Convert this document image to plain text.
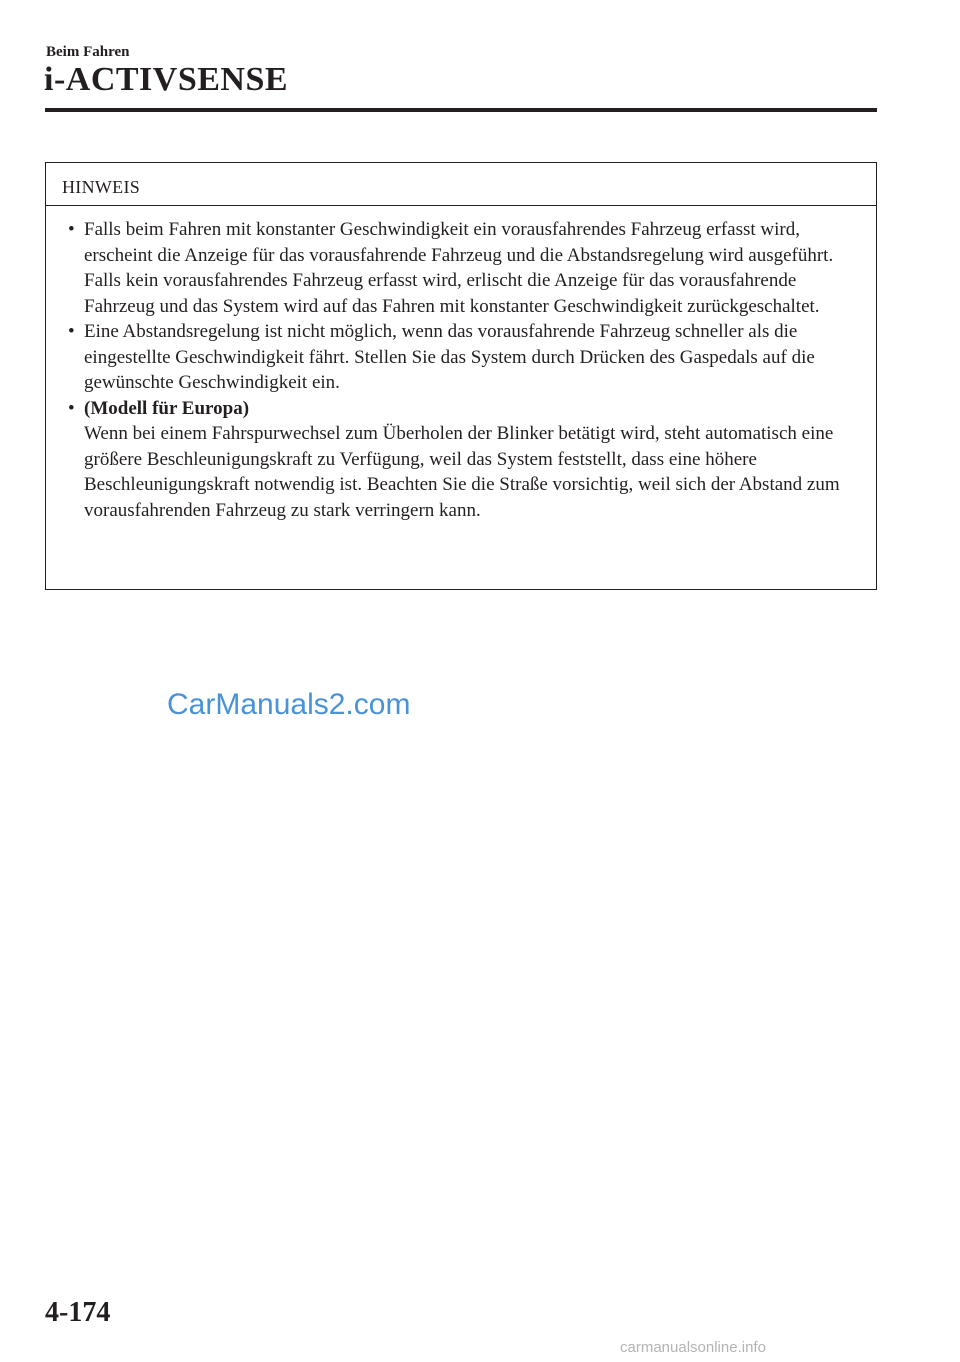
Beim Fahren
i-ACTIVSENSE
HINWEIS
• Falls beim Fahren mit konstanter Geschwindigkeit ein vorausfahrendes Fahrzeug erfasst wird, erscheint die Anzeige für das vorausfahrende Fahrzeug und die Abstandsregelung wird ausgeführt. Falls kein vorausfahrendes Fahrzeug erfasst wird, erlischt die Anzeige für das vorausfahrende Fahrzeug und das System wird auf das Fahren mit konstanter Geschwindigkeit zurückgeschaltet.
• Eine Abstandsregelung ist nicht möglich, wenn das vorausfahrende Fahrzeug schneller als die eingestellte Geschwindigkeit fährt. Stellen Sie das System durch Drücken des Gaspedals auf die gewünschte Geschwindigkeit ein.
• (Modell für Europa)
Wenn bei einem Fahrspurwechsel zum Überholen der Blinker betätigt wird, steht automatisch eine größere Beschleunigungskraft zu Verfügung, weil das System feststellt, dass eine höhere Beschleunigungskraft notwendig ist. Beachten Sie die Straße vorsichtig, weil sich der Abstand zum vorausfahrenden Fahrzeug zu stark verringern kann.
CarManuals2.com
4-174
carmanualsonline.info
